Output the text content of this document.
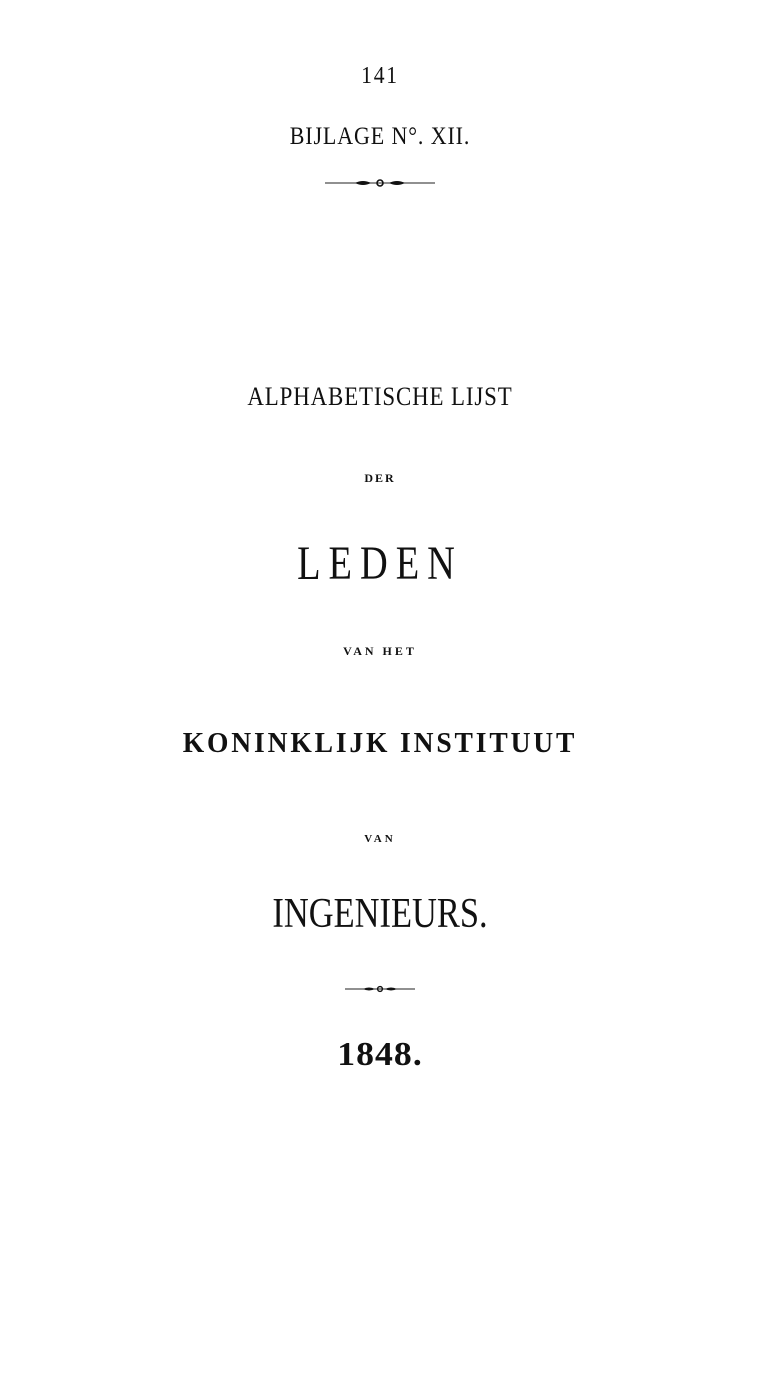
141
BIJLAGE N°. XII.
ALPHABETISCHE LIJST
DER
LEDEN
VAN HET
KONINKLIJK INSTITUUT
VAN
INGENIEURS.
1848.
